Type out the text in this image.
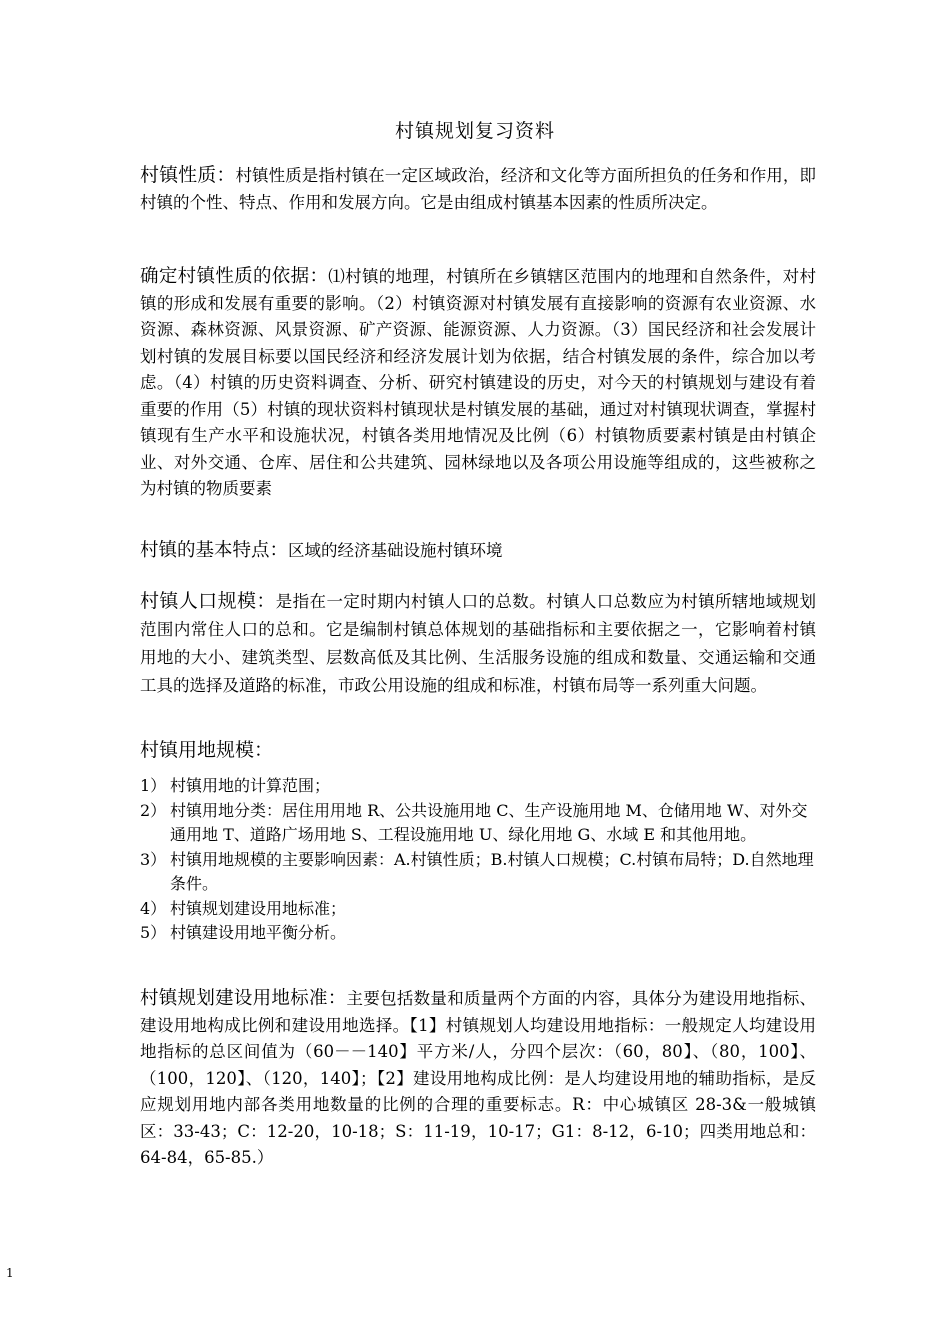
村镇规划复习资料
村镇性质：村镇性质是指村镇在一定区域政治，经济和文化等方面所担负的任务和作用，即村镇的个性、特点、作用和发展方向。它是由组成村镇基本因素的性质所决定。
确定村镇性质的依据：⑴村镇的地理，村镇所在乡镇辖区范围内的地理和自然条件，对村镇的形成和发展有重要的影响。（2）村镇资源对村镇发展有直接影响的资源有农业资源、水资源、森林资源、风景资源、矿产资源、能源资源、人力资源。（3）国民经济和社会发展计划村镇的发展目标要以国民经济和经济发展计划为依据，结合村镇发展的条件，综合加以考虑。（4）村镇的历史资料调查、分析、研究村镇建设的历史，对今天的村镇规划与建设有着重要的作用（5）村镇的现状资料村镇现状是村镇发展的基础，通过对村镇现状调查，掌握村镇现有生产水平和设施状况，村镇各类用地情况及比例（6）村镇物质要素村镇是由村镇企业、对外交通、仓库、居住和公共建筑、园林绿地以及各项公用设施等组成的，这些被称之为村镇的物质要素
村镇的基本特点：区域的经济基础设施村镇环境
村镇人口规模：是指在一定时期内村镇人口的总数。村镇人口总数应为村镇所辖地域规划范围内常住人口的总和。它是编制村镇总体规划的基础指标和主要依据之一，它影响着村镇用地的大小、建筑类型、层数高低及其比例、生活服务设施的组成和数量、交通运输和交通工具的选择及道路的标准，市政公用设施的组成和标准，村镇布局等一系列重大问题。
村镇用地规模：
1） 村镇用地的计算范围；
2） 村镇用地分类：居住用用地 R、公共设施用地 C、生产设施用地 M、仓储用地 W、对外交通用地 T、道路广场用地 S、工程设施用地 U、绿化用地 G、水域 E 和其他用地。
3） 村镇用地规模的主要影响因素：A.村镇性质；B.村镇人口规模；C.村镇布局特；D.自然地理条件。
4） 村镇规划建设用地标准；
5） 村镇建设用地平衡分析。
村镇规划建设用地标准：主要包括数量和质量两个方面的内容，具体分为建设用地指标、建设用地构成比例和建设用地选择。【1】村镇规划人均建设用地指标：一般规定人均建设用地指标的总区间值为（60－－140】平方米/人，分四个层次：（60，80】、（80，100】、（100，120】、（120，140】；【2】建设用地构成比例：是人均建设用地的辅助指标，是反应规划用地内部各类用地数量的比例的合理的重要标志。R：中心城镇区 28-3&一般城镇区：33-43；C：12-20，10-18；S：11-19，10-17；G1：8-12，6-10；四类用地总和：64-84，65-85.）
1
